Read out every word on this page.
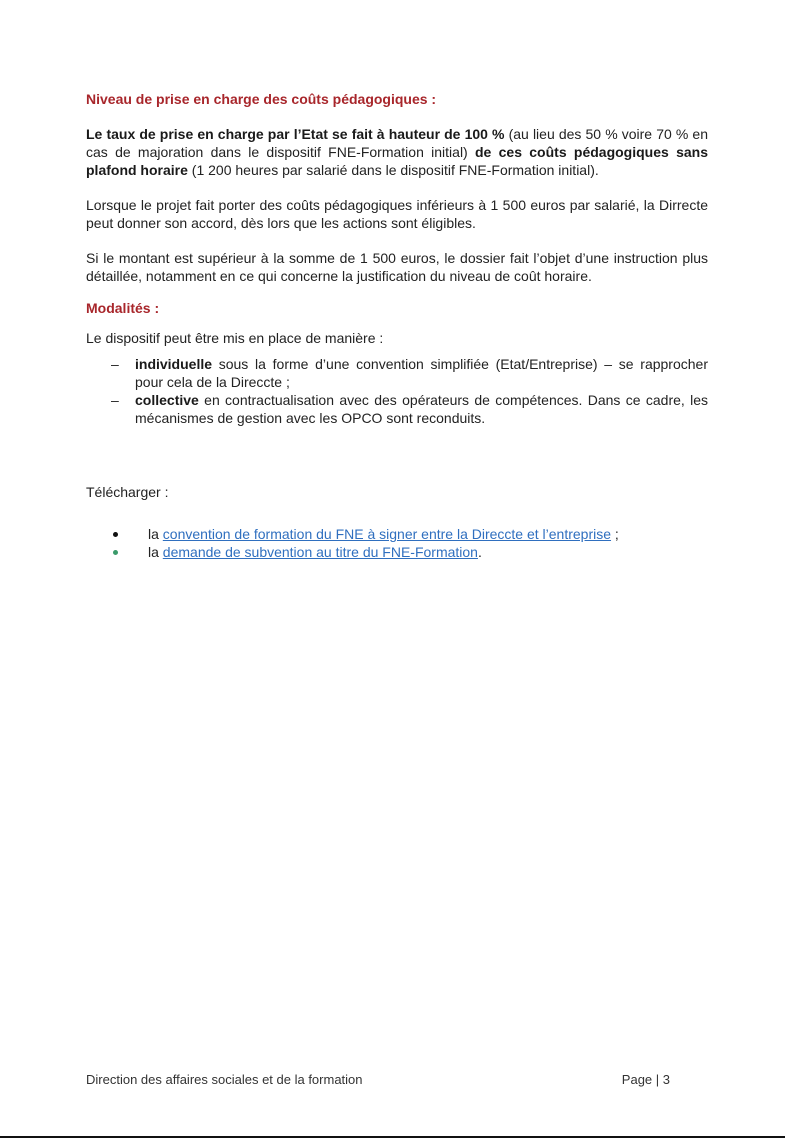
Niveau de prise en charge des coûts pédagogiques :

Le taux de prise en charge par l’Etat se fait à hauteur de 100 % (au lieu des 50 % voire 70 % en cas de majoration dans le dispositif FNE-Formation initial) de ces coûts pédagogiques sans plafond horaire (1 200 heures par salarié dans le dispositif FNE-Formation initial).

Lorsque le projet fait porter des coûts pédagogiques inférieurs à 1 500 euros par salarié, la Dirrecte peut donner son accord, dès lors que les actions sont éligibles.

Si le montant est supérieur à la somme de 1 500 euros, le dossier fait l’objet d’une instruction plus détaillée, notamment en ce qui concerne la justification du niveau de coût horaire.

Modalités :

Le dispositif peut être mis en place de manière :

– individuelle sous la forme d’une convention simplifiée (Etat/Entreprise) – se rapprocher pour cela de la Direccte ;
– collective en contractualisation avec des opérateurs de compétences. Dans ce cadre, les mécanismes de gestion avec les OPCO sont reconduits.
Télécharger :
la convention de formation du FNE à signer entre la Direccte et l’entreprise ;
la demande de subvention au titre du FNE-Formation.
Direction des affaires sociales et de la formation	Page | 3
